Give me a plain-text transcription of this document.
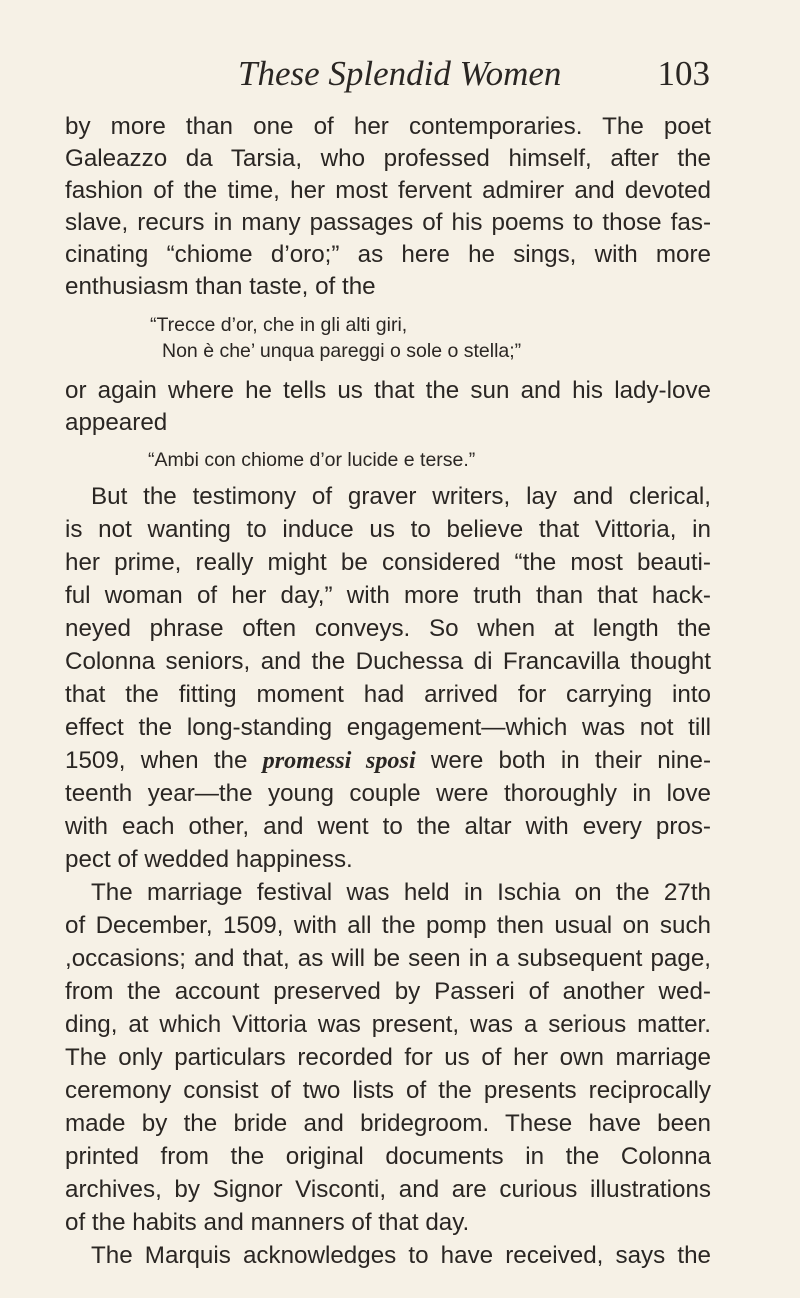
These Splendid Women	103
by more than one of her contemporaries. The poet
Galeazzo da Tarsia, who professed himself, after the
fashion of the time, her most fervent admirer and devoted
slave, recurs in many passages of his poems to those fas-
cinating “chiome d’oro;” as here he sings, with more
enthusiasm than taste, of the
“Trecce d’or, che in gli alti giri,
Non è che’ unqua pareggi o sole o stella;”
or again where he tells us that the sun and his lady-love
appeared
“Ambi con chiome d’or lucide e terse.”
But the testimony of graver writers, lay and clerical,
is not wanting to induce us to believe that Vittoria, in
her prime, really might be considered “the most beauti-
ful woman of her day,” with more truth than that hack-
neyed phrase often conveys. So when at length the
Colonna seniors, and the Duchessa di Francavilla thought
that the fitting moment had arrived for carrying into
effect the long-standing engagement—which was not till
1509, when the promessi sposi were both in their nine-
teenth year—the young couple were thoroughly in love
with each other, and went to the altar with every pros-
pect of wedded happiness.
The marriage festival was held in Ischia on the 27th
of December, 1509, with all the pomp then usual on such
,occasions; and that, as will be seen in a subsequent page,
from the account preserved by Passeri of another wed-
ding, at which Vittoria was present, was a serious matter.
The only particulars recorded for us of her own marriage
ceremony consist of two lists of the presents reciprocally
made by the bride and bridegroom. These have been
printed from the original documents in the Colonna
archives, by Signor Visconti, and are curious illustrations
of the habits and manners of that day.
The Marquis acknowledges to have received, says the
